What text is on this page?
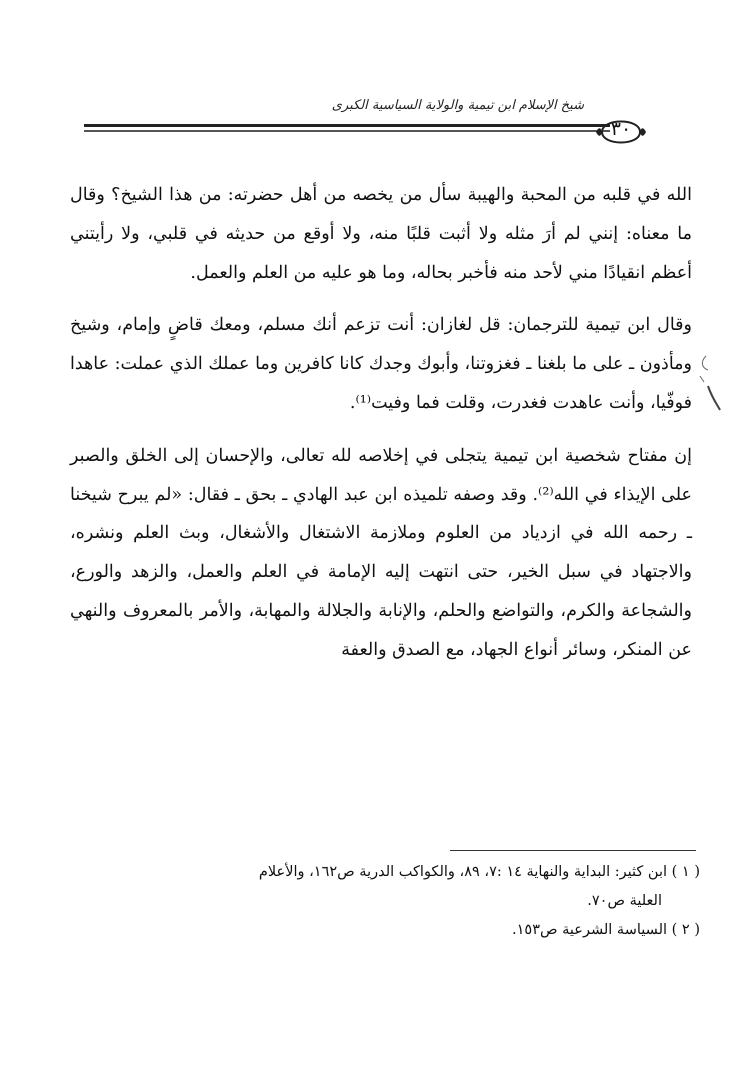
شيخ الإسلام ابن تيمية والولاية السياسية الكبرى
٣٠

الله في قلبه من المحبة والهيبة سأل من يخصه من أهل حضرته: من هذا الشيخ؟ وقال ما معناه: إنني لم أرَ مثله ولا أثبت قلبًا منه، ولا أوقع من حديثه في قلبي، ولا رأيتني أعظم انقيادًا مني لأحد منه فأخبر بحاله، وما هو عليه من العلم والعمل.

وقال ابن تيمية للترجمان: قل لغازان: أنت تزعم أنك مسلم، ومعك قاضٍ وإمام، وشيخ ومأذون ـ على ما بلغنا ـ فغزوتنا، وأبوك وجدك كانا كافرين وما عملك الذي عملت: عاهدا فوفّيا، وأنت عاهدت فغدرت، وقلت فما وفيت⁽¹⁾.

إن مفتاح شخصية ابن تيمية يتجلى في إخلاصه لله تعالى، والإحسان إلى الخلق والصبر على الإيذاء في الله⁽²⁾. وقد وصفه تلميذه ابن عبد الهادي ـ بحق ـ فقال: «لم يبرح شيخنا ـ رحمه الله في ازدياد من العلوم وملازمة الاشتغال والأشغال، وبث العلم ونشره، والاجتهاد في سبل الخير، حتى انتهت إليه الإمامة في العلم والعمل، والزهد والورع، والشجاعة والكرم، والتواضع والحلم، والإنابة والجلالة والمهابة، والأمر بالمعروف والنهي عن المنكر، وسائر أنواع الجهاد، مع الصدق والعفة

( ١ ) ابن كثير: البداية والنهاية ١٤ :٧، ٨٩، والكواكب الدرية ص١٦٢، والأعلام

العلية ص٧٠.

( ٢ ) السياسة الشرعية ص١٥٣.
